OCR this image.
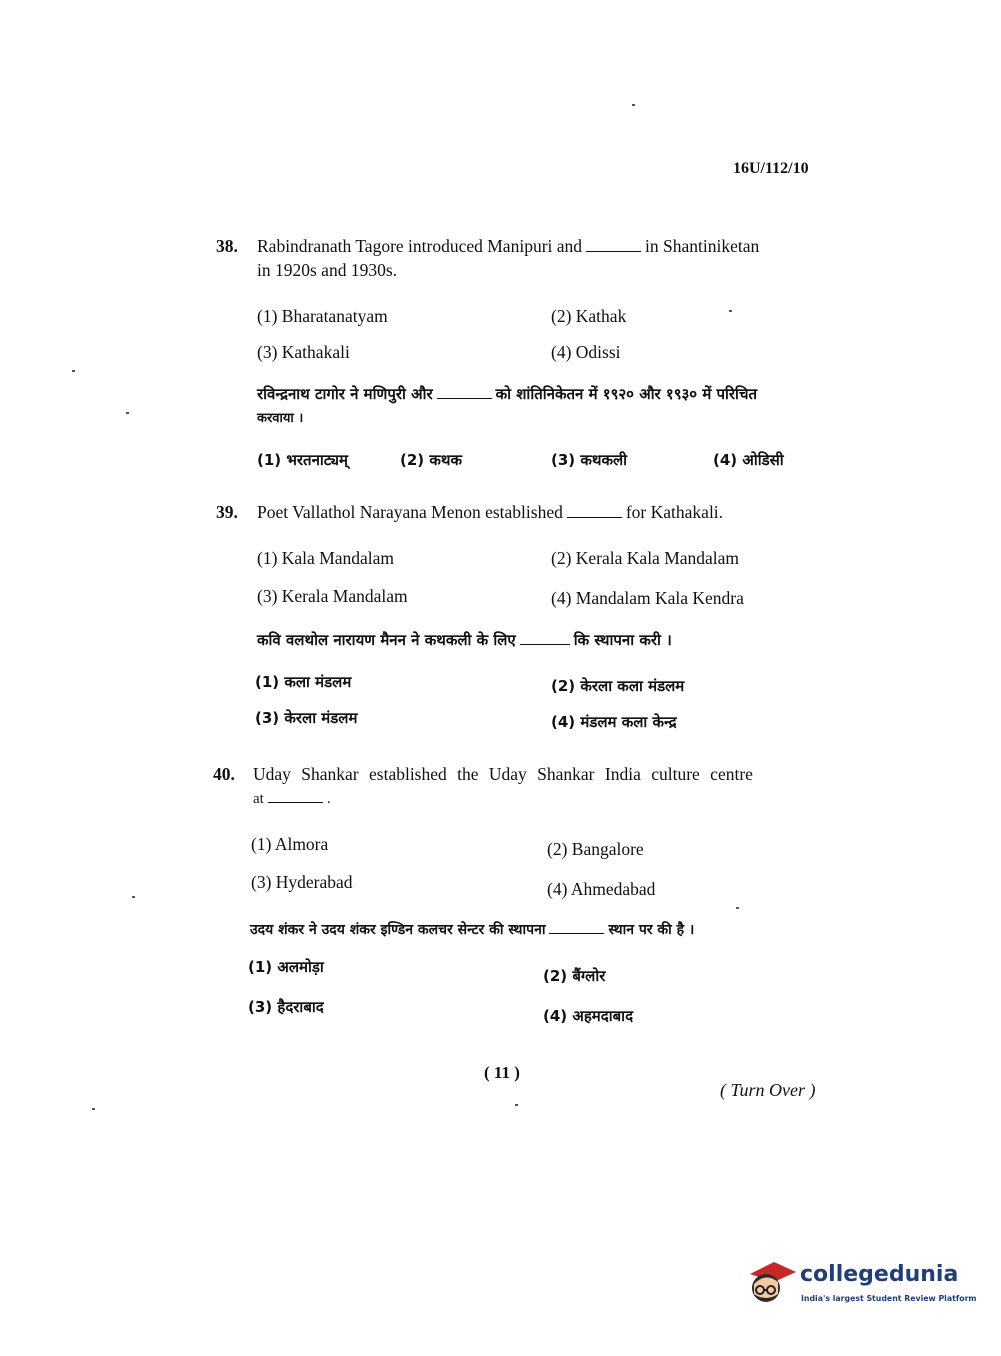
16U/112/10
38. Rabindranath Tagore introduced Manipuri and	in Shantiniketan
in 1920s and 1930s.
(1) Bharatanatyam	(2) Kathak
(3) Kathakali	(4) Odissi
रविन्द्रनाथ टागोर ने मणिपुरी और	को शांतिनिकेतन में १९२० और १९३० में परिचित
करवाया ।
(1) भरतनाट्यम्	(2) कथक	(3) कथकली	(4) ओडिसी
39. Poet Vallathol Narayana Menon established	for Kathakali.
(1) Kala Mandalam	(2) Kerala Kala Mandalam
(3) Kerala Mandalam	(4) Mandalam Kala Kendra
कवि वलथोल नारायण मैनन ने कथकली के लिए	कि स्थापना करी ।
(1) कला मंडलम	(2) केरला कला मंडलम
(3) केरला मंडलम	(4) मंडलम कला केन्द्र
40. Uday Shankar established the Uday Shankar India culture centre
at	.
(1) Almora	(2) Bangalore
(3) Hyderabad	(4) Ahmedabad
उदय शंकर ने उदय शंकर इण्डिन कलचर सेन्टर की स्थापना	स्थान पर की है ।
(1) अलमोड़ा	(2) बैंग्लोर
(3) हैदराबाद	(4) अहमदाबाद
( 11 )
( Turn Over )
collegedunia
India's largest Student Review Platform
